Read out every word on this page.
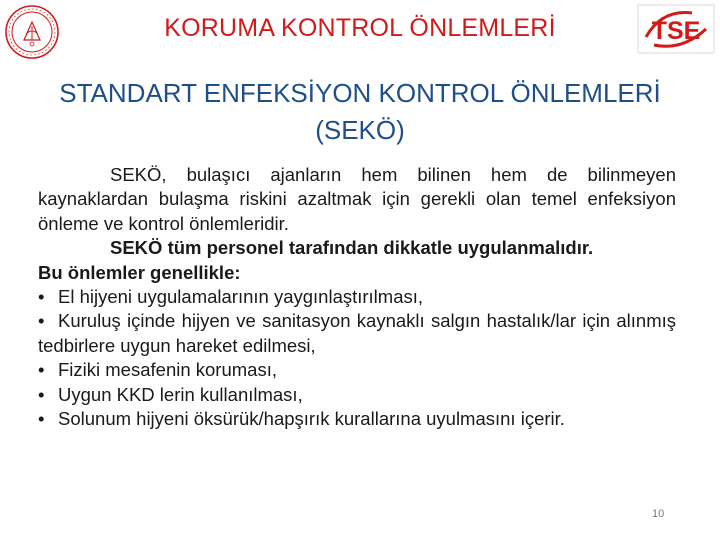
TSE
KORUMA KONTROL ÖNLEMLERİ
STANDART ENFEKSİYON KONTROL ÖNLEMLERİ
(SEKÖ)

SEKÖ, bulaşıcı ajanların hem bilinen hem de bilinmeyen kaynaklardan bulaşma riskini azaltmak için gerekli olan temel enfeksiyon önleme ve kontrol önlemleridir.

SEKÖ tüm personel tarafından dikkatle uygulanmalıdır.

Bu önlemler genellikle:

• El hijyeni uygulamalarının yaygınlaştırılması,

• Kuruluş içinde hijyen ve sanitasyon kaynaklı salgın hastalık/lar için alınmış tedbirlere uygun hareket edilmesi,

• Fiziki mesafenin koruması,

• Uygun KKD lerin kullanılması,

• Solunum hijyeni öksürük/hapşırık kurallarına uyulmasını içerir.

10
